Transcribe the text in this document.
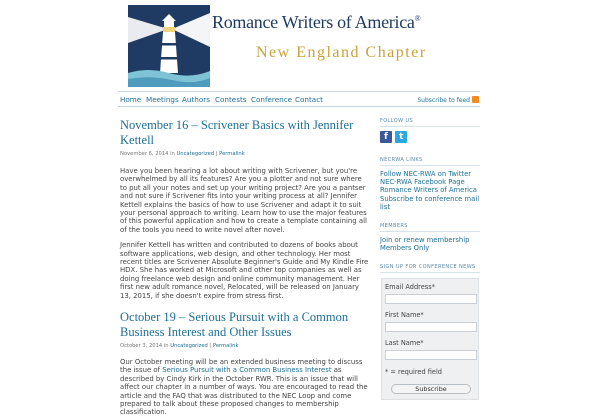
Romance Writers of America®
New England Chapter
Home Meetings Authors Contests Conference Contact	Subscribe to feed
November 16 – Scrivener Basics with Jennifer Kettell
November 6, 2014 in Uncategorized | Permalink

Have you been hearing a lot about writing with Scrivener, but you're overwhelmed by all its features? Are you a plotter and not sure where to put all your notes and set up your writing project? Are you a pantser and not sure if Scrivener fits into your writing process at all? Jennifer Kettell explains the basics of how to use Scrivener and adapt it to suit your personal approach to writing. Learn how to use the major features of this powerful application and how to create a template containing all of the tools you need to write novel after novel.

Jennifer Kettell has written and contributed to dozens of books about software applications, web design, and other technology. Her most recent titles are Scrivener Absolute Beginner's Guide and My Kindle Fire HDX. She has worked at Microsoft and other top companies as well as doing freelance web design and online community management. Her first new adult romance novel, Relocated, will be released on January 13, 2015, if she doesn't expire from stress first.

October 19 – Serious Pursuit with a Common Business Interest and Other Issues
October 3, 2014 in Uncategorized | Permalink

Our October meeting will be an extended business meeting to discuss the issue of Serious Pursuit with a Common Business Interest as described by Cindy Kirk in the October RWR. This is an issue that will affect our chapter in a number of ways. You are encouraged to read the article and the FAQ that was distributed to the NEC Loop and come prepared to talk about these proposed changes to membership classification.

FOLLOW US
f t
NECRWA LINKS
Follow NEC-RWA on Twitter
NEC-RWA Facebook Page
Romance Writers of America
Subscribe to conference mail list
MEMBERS
Join or renew membership
Members Only
SIGN UP FOR CONFERENCE NEWS
Email Address*
First Name*
Last Name*
* = required field
Subscribe
